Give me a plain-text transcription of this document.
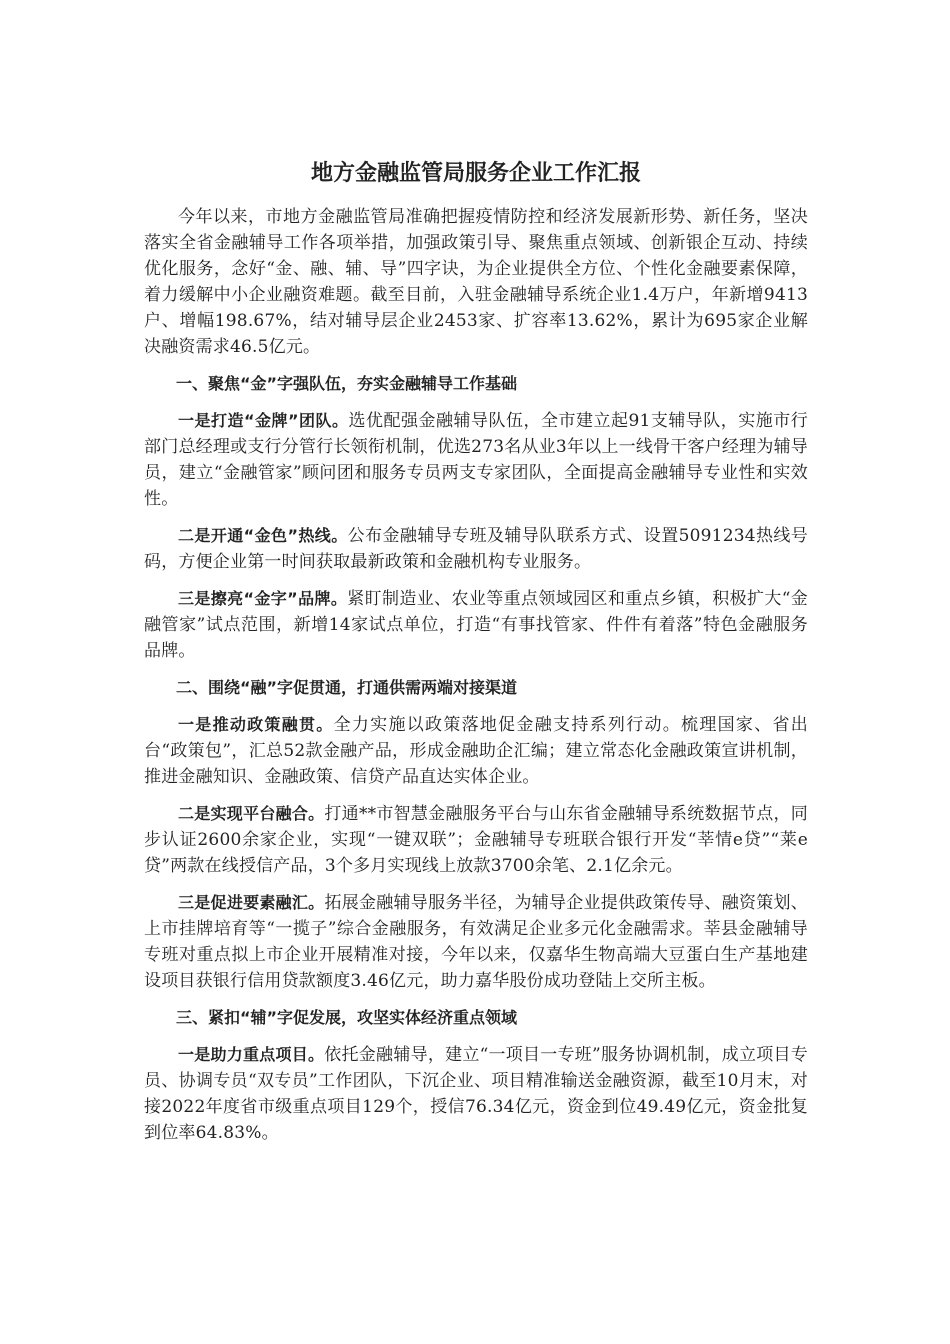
地方金融监管局服务企业工作汇报

今年以来，市地方金融监管局准确把握疫情防控和经济发展新形势、新任务，坚决落实全省金融辅导工作各项举措，加强政策引导、聚焦重点领域、创新银企互动、持续优化服务，念好“金、融、辅、导”四字诀，为企业提供全方位、个性化金融要素保障，着力缓解中小企业融资难题。截至目前，入驻金融辅导系统企业1.4万户，年新增9413户、增幅198.67%，结对辅导层企业2453家、扩容率13.62%，累计为695家企业解决融资需求46.5亿元。

一、聚焦“金”字强队伍，夯实金融辅导工作基础

一是打造“金牌”团队。选优配强金融辅导队伍，全市建立起91支辅导队，实施市行部门总经理或支行分管行长领衔机制，优选273名从业3年以上一线骨干客户经理为辅导员，建立“金融管家”顾问团和服务专员两支专家团队，全面提高金融辅导专业性和实效性。

二是开通“金色”热线。公布金融辅导专班及辅导队联系方式、设置5091234热线号码，方便企业第一时间获取最新政策和金融机构专业服务。

三是擦亮“金字”品牌。紧盯制造业、农业等重点领域园区和重点乡镇，积极扩大“金融管家”试点范围，新增14家试点单位，打造“有事找管家、件件有着落”特色金融服务品牌。

二、围绕“融”字促贯通，打通供需两端对接渠道

一是推动政策融贯。全力实施以政策落地促金融支持系列行动。梳理国家、省出台“政策包”，汇总52款金融产品，形成金融助企汇编；建立常态化金融政策宣讲机制，推进金融知识、金融政策、信贷产品直达实体企业。

二是实现平台融合。打通**市智慧金融服务平台与山东省金融辅导系统数据节点，同步认证2600余家企业，实现“一键双联”；金融辅导专班联合银行开发“莘情e贷”“莱e贷”两款在线授信产品，3个多月实现线上放款3700余笔、2.1亿余元。

三是促进要素融汇。拓展金融辅导服务半径，为辅导企业提供政策传导、融资策划、上市挂牌培育等“一揽子”综合金融服务，有效满足企业多元化金融需求。莘县金融辅导专班对重点拟上市企业开展精准对接，今年以来，仅嘉华生物高端大豆蛋白生产基地建设项目获银行信用贷款额度3.46亿元，助力嘉华股份成功登陆上交所主板。

三、紧扣“辅”字促发展，攻坚实体经济重点领域

一是助力重点项目。依托金融辅导，建立“一项目一专班”服务协调机制，成立项目专员、协调专员“双专员”工作团队，下沉企业、项目精准输送金融资源，截至10月末，对接2022年度省市级重点项目129个，授信76.34亿元，资金到位49.49亿元，资金批复到位率64.83%。
